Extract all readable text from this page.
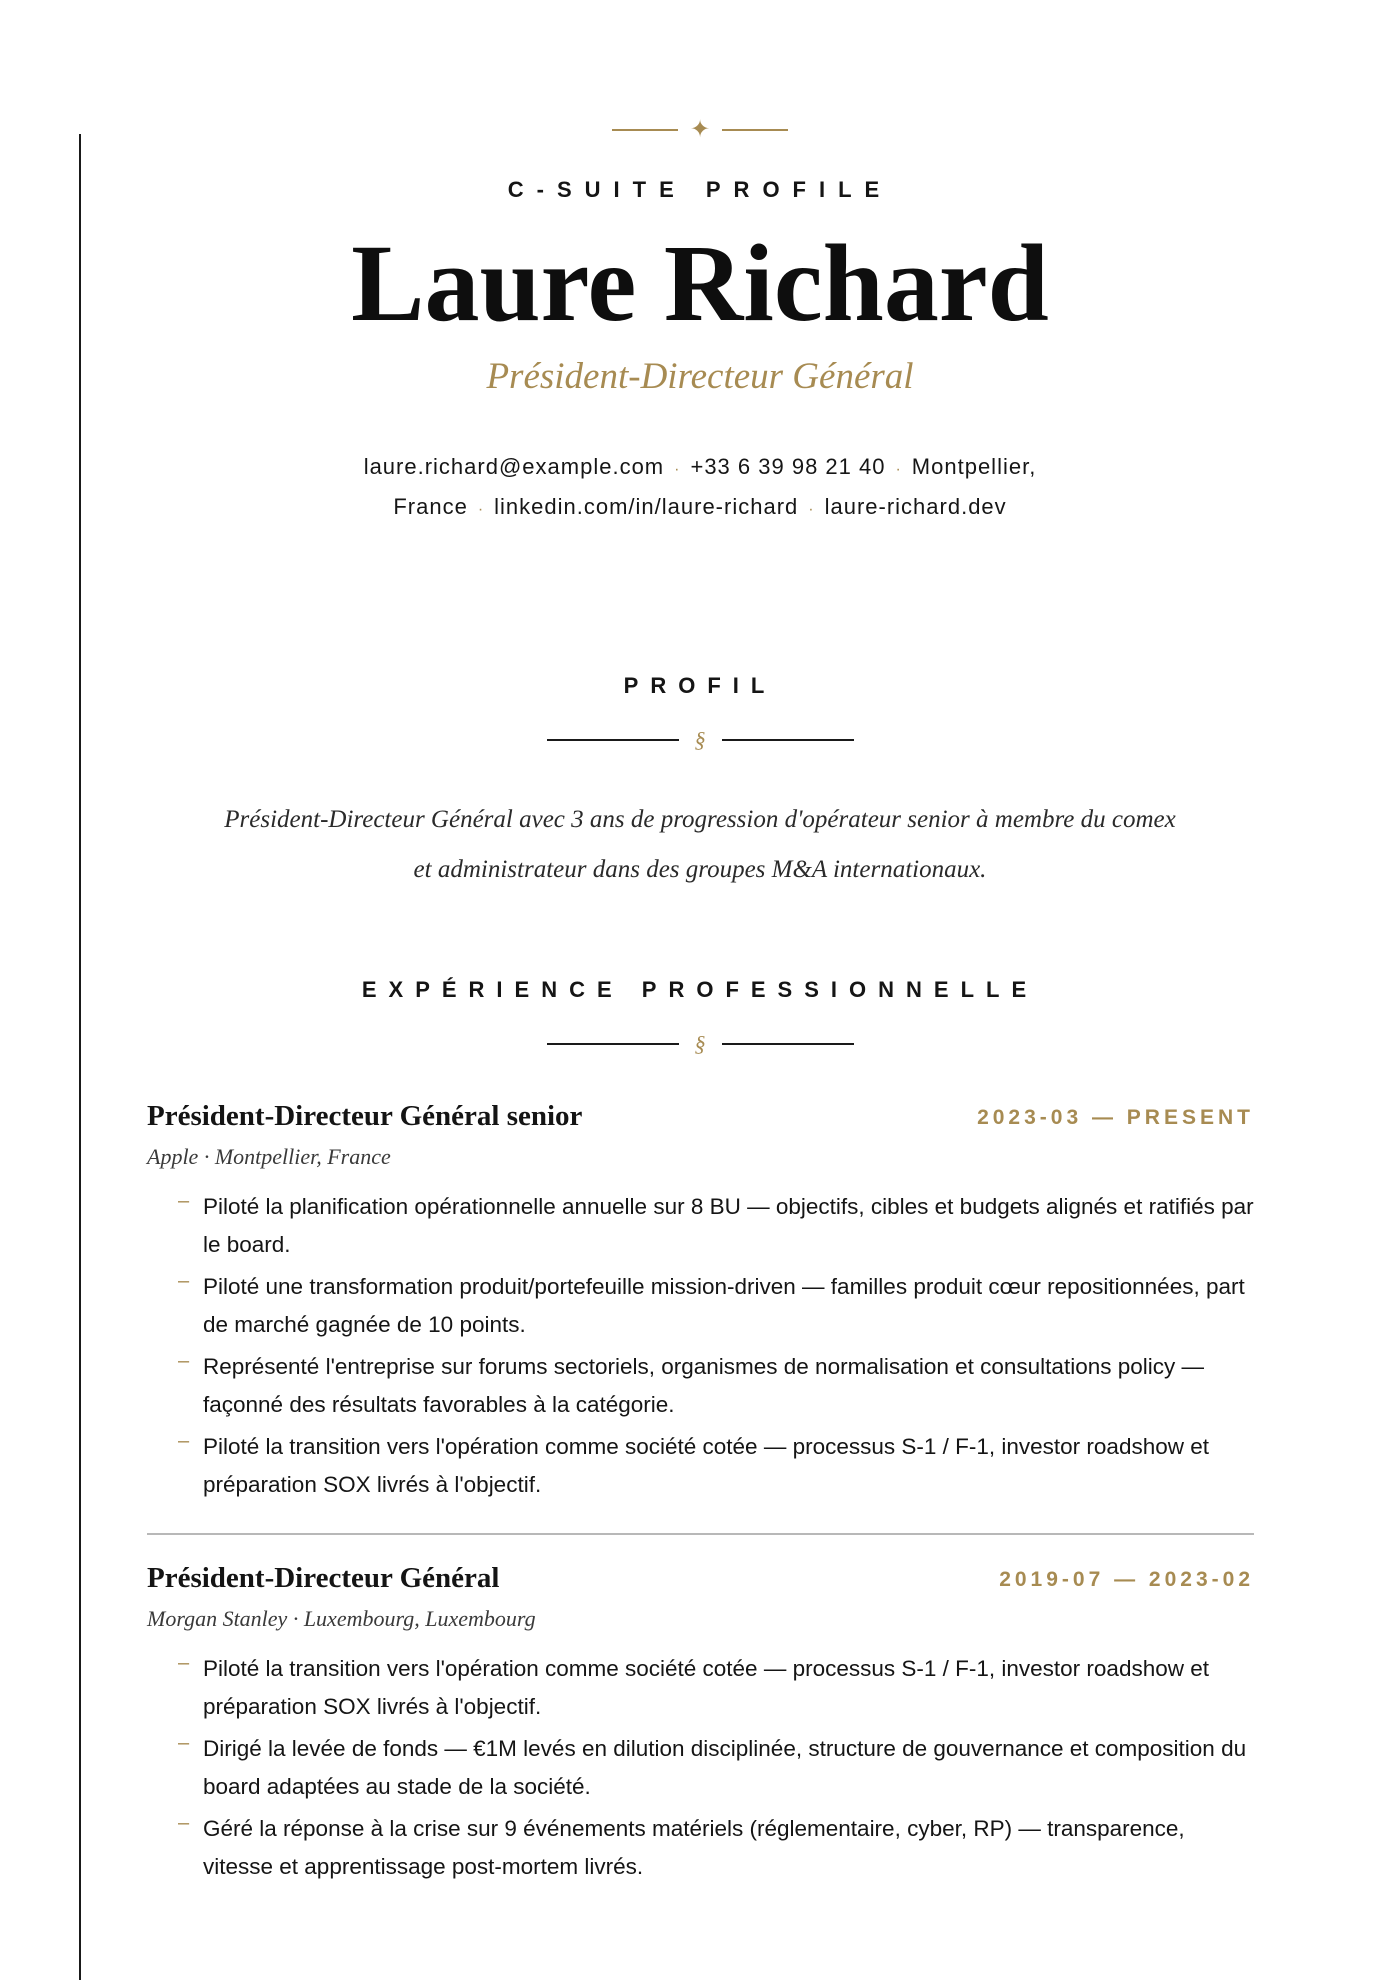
✦
C-SUITE PROFILE
Laure Richard
Président-Directeur Général
laure.richard@example.com · +33 6 39 98 21 40 · Montpellier,
France · linkedin.com/in/laure-richard · laure-richard.dev
PROFIL
§
Président-Directeur Général avec 3 ans de progression d'opérateur senior à membre du comex
et administrateur dans des groupes M&A internationaux.
EXPÉRIENCE PROFESSIONNELLE
§
Président-Directeur Général senior	2023-03 — PRESENT
Apple · Montpellier, France
– Piloté la planification opérationnelle annuelle sur 8 BU — objectifs, cibles et budgets alignés et ratifiés par le board.
– Piloté une transformation produit/portefeuille mission-driven — familles produit cœur repositionnées, part de marché gagnée de 10 points.
– Représenté l'entreprise sur forums sectoriels, organismes de normalisation et consultations policy — façonné des résultats favorables à la catégorie.
– Piloté la transition vers l'opération comme société cotée — processus S-1 / F-1, investor roadshow et préparation SOX livrés à l'objectif.
Président-Directeur Général	2019-07 — 2023-02
Morgan Stanley · Luxembourg, Luxembourg
– Piloté la transition vers l'opération comme société cotée — processus S-1 / F-1, investor roadshow et préparation SOX livrés à l'objectif.
– Dirigé la levée de fonds — €1M levés en dilution disciplinée, structure de gouvernance et composition du board adaptées au stade de la société.
– Géré la réponse à la crise sur 9 événements matériels (réglementaire, cyber, RP) — transparence, vitesse et apprentissage post-mortem livrés.
